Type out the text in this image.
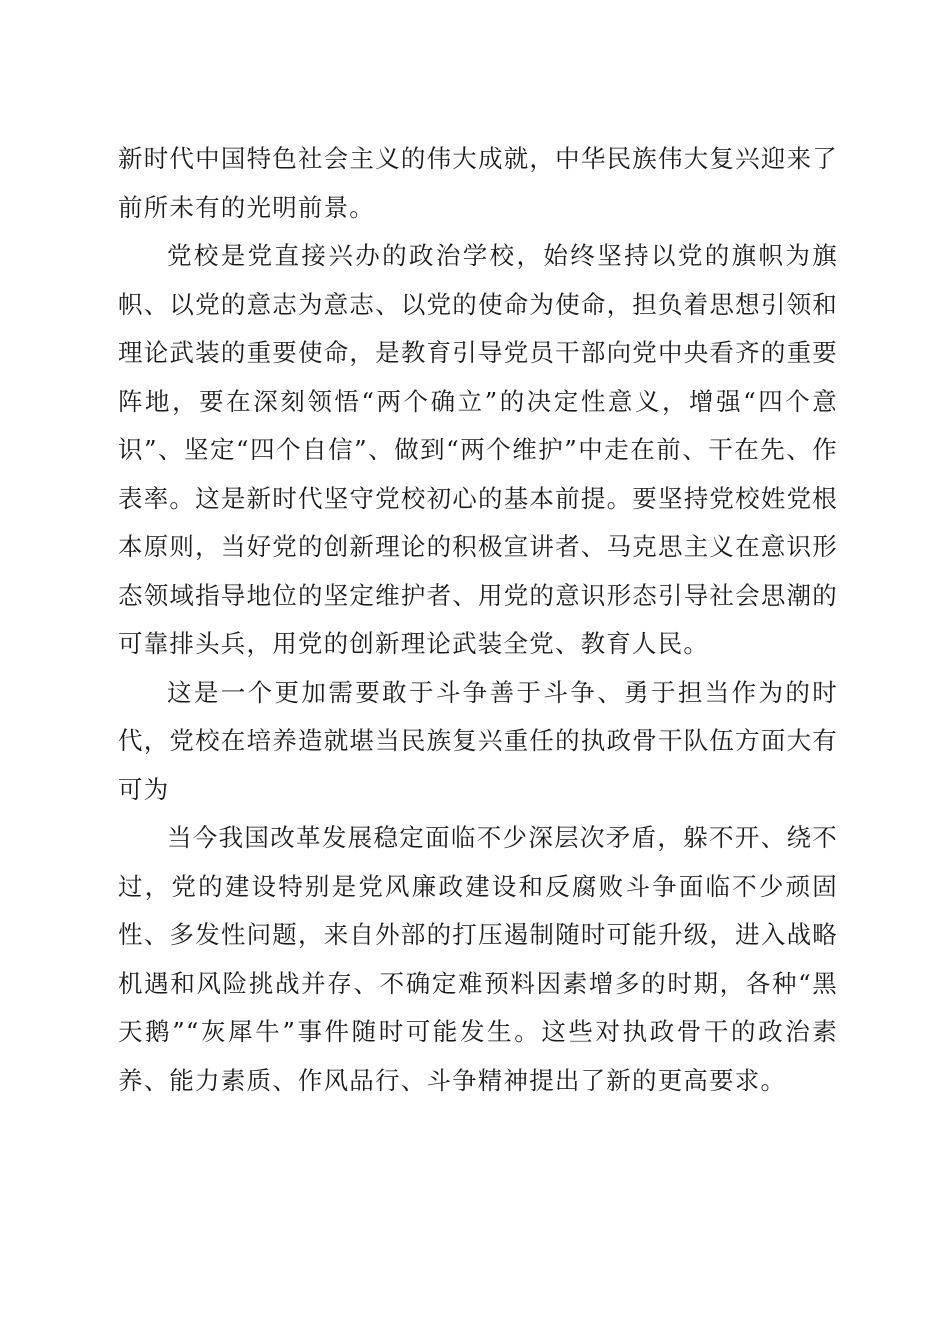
新时代中国特色社会主义的伟大成就，中华民族伟大复兴迎来了前所未有的光明前景。

党校是党直接兴办的政治学校，始终坚持以党的旗帜为旗帜、以党的意志为意志、以党的使命为使命，担负着思想引领和理论武装的重要使命，是教育引导党员干部向党中央看齐的重要阵地，要在深刻领悟“两个确立”的决定性意义，增强“四个意识”、坚定“四个自信”、做到“两个维护”中走在前、干在先、作表率。这是新时代坚守党校初心的基本前提。要坚持党校姓党根本原则，当好党的创新理论的积极宣讲者、马克思主义在意识形态领域指导地位的坚定维护者、用党的意识形态引导社会思潮的可靠排头兵，用党的创新理论武装全党、教育人民。

这是一个更加需要敢于斗争善于斗争、勇于担当作为的时代，党校在培养造就堪当民族复兴重任的执政骨干队伍方面大有可为

当今我国改革发展稳定面临不少深层次矛盾，躲不开、绕不过，党的建设特别是党风廉政建设和反腐败斗争面临不少顽固性、多发性问题，来自外部的打压遏制随时可能升级，进入战略机遇和风险挑战并存、不确定难预料因素增多的时期，各种“黑天鹅”“灰犀牛”事件随时可能发生。这些对执政骨干的政治素养、能力素质、作风品行、斗争精神提出了新的更高要求。
